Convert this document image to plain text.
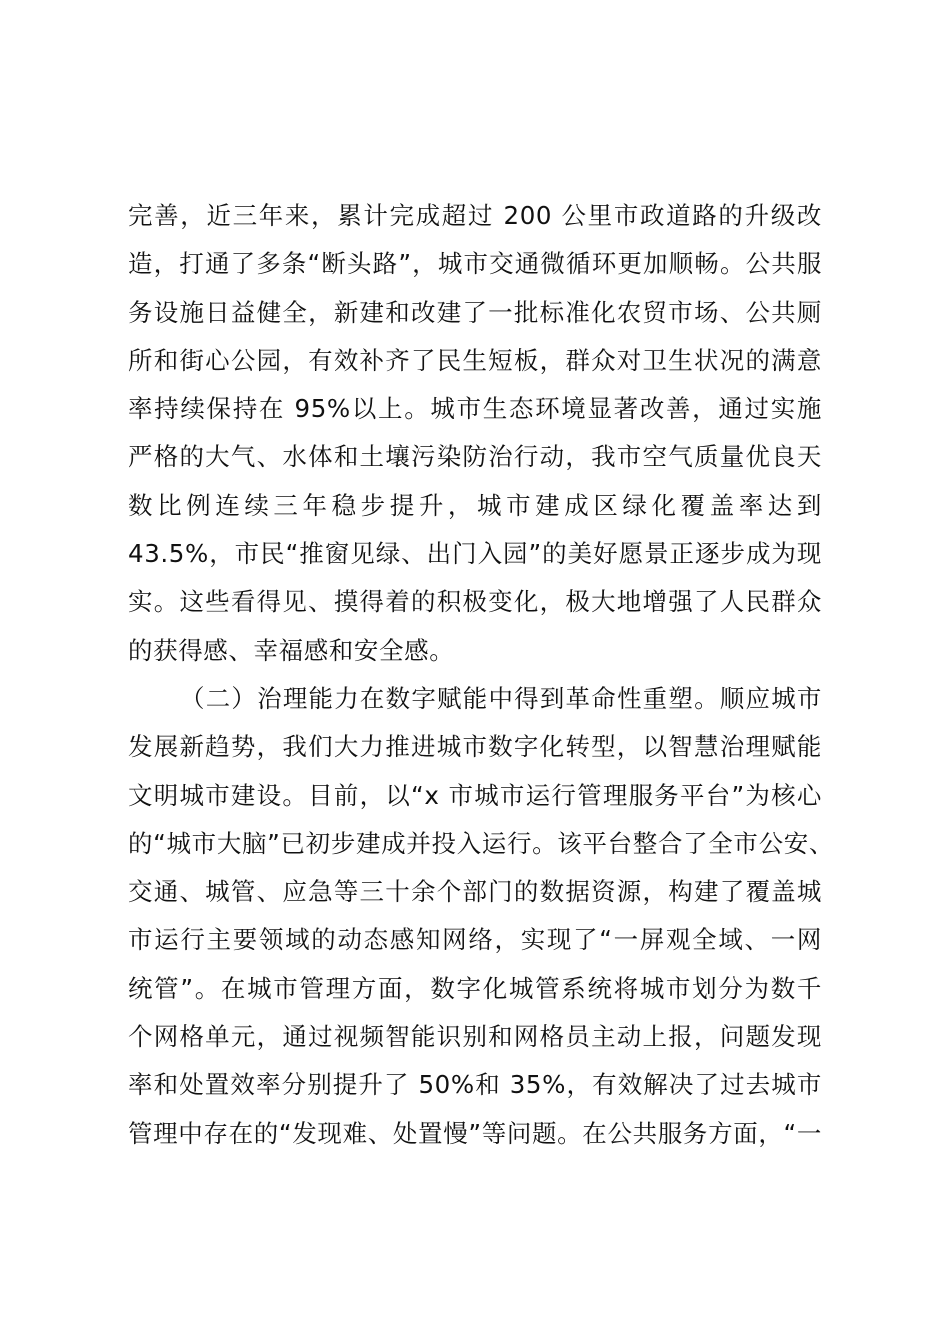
完善，近三年来，累计完成超过 200 公里市政道路的升级改
造，打通了多条“断头路”，城市交通微循环更加顺畅。公共服
务设施日益健全，新建和改建了一批标准化农贸市场、公共厕
所和街心公园，有效补齐了民生短板，群众对卫生状况的满意
率持续保持在 95%以上。城市生态环境显著改善，通过实施
严格的大气、水体和土壤污染防治行动，我市空气质量优良天
数比例连续三年稳步提升，城市建成区绿化覆盖率达到
43.5%，市民“推窗见绿、出门入园”的美好愿景正逐步成为现
实。这些看得见、摸得着的积极变化，极大地增强了人民群众
的获得感、幸福感和安全感。
（二）治理能力在数字赋能中得到革命性重塑。顺应城市
发展新趋势，我们大力推进城市数字化转型，以智慧治理赋能
文明城市建设。目前，以“x 市城市运行管理服务平台”为核心
的“城市大脑”已初步建成并投入运行。该平台整合了全市公安、
交通、城管、应急等三十余个部门的数据资源，构建了覆盖城
市运行主要领域的动态感知网络，实现了“一屏观全域、一网
统管”。在城市管理方面，数字化城管系统将城市划分为数千
个网格单元，通过视频智能识别和网格员主动上报，问题发现
率和处置效率分别提升了 50%和 35%，有效解决了过去城市
管理中存在的“发现难、处置慢”等问题。在公共服务方面，“一
